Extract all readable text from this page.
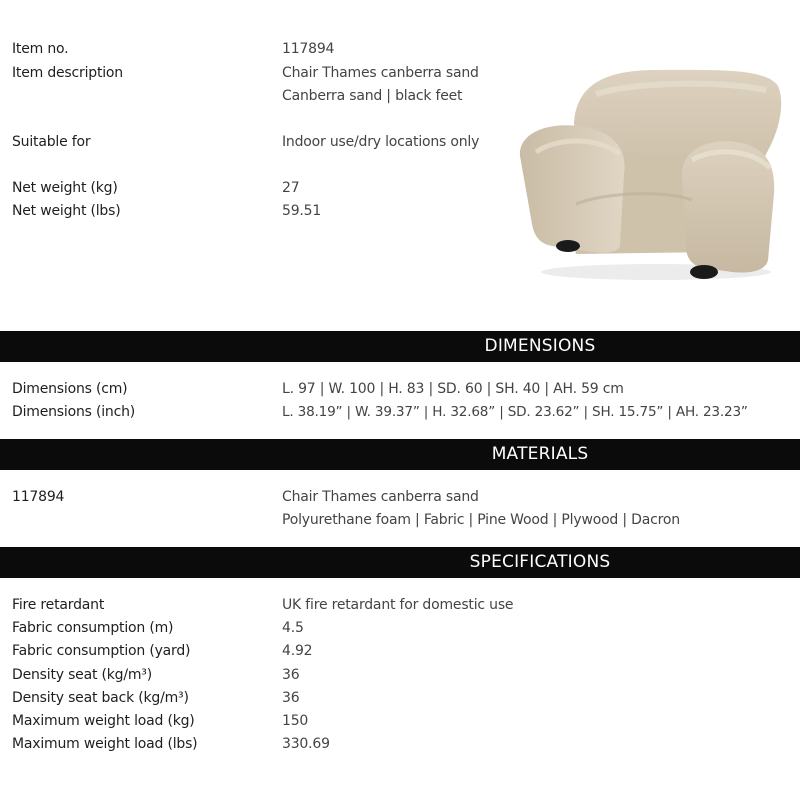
Item no.	117894
Item description	Chair Thames canberra sand
Canberra sand | black feet
Suitable for	Indoor use/dry locations only
Net weight (kg)	27
Net weight (lbs)	59.51
DIMENSIONS
Dimensions (cm)	L. 97 | W. 100 | H. 83 | SD. 60 | SH. 40 | AH. 59 cm
Dimensions (inch)	L. 38.19” | W. 39.37” | H. 32.68” | SD. 23.62” | SH. 15.75” | AH. 23.23”
MATERIALS
117894	Chair Thames canberra sand
Polyurethane foam | Fabric | Pine Wood | Plywood | Dacron
SPECIFICATIONS
Fire retardant	UK fire retardant for domestic use
Fabric consumption (m)	4.5
Fabric consumption (yard)	4.92
Density seat (kg/m³)	36
Density seat back (kg/m³)	36
Maximum weight load (kg)	150
Maximum weight load (lbs)	330.69
